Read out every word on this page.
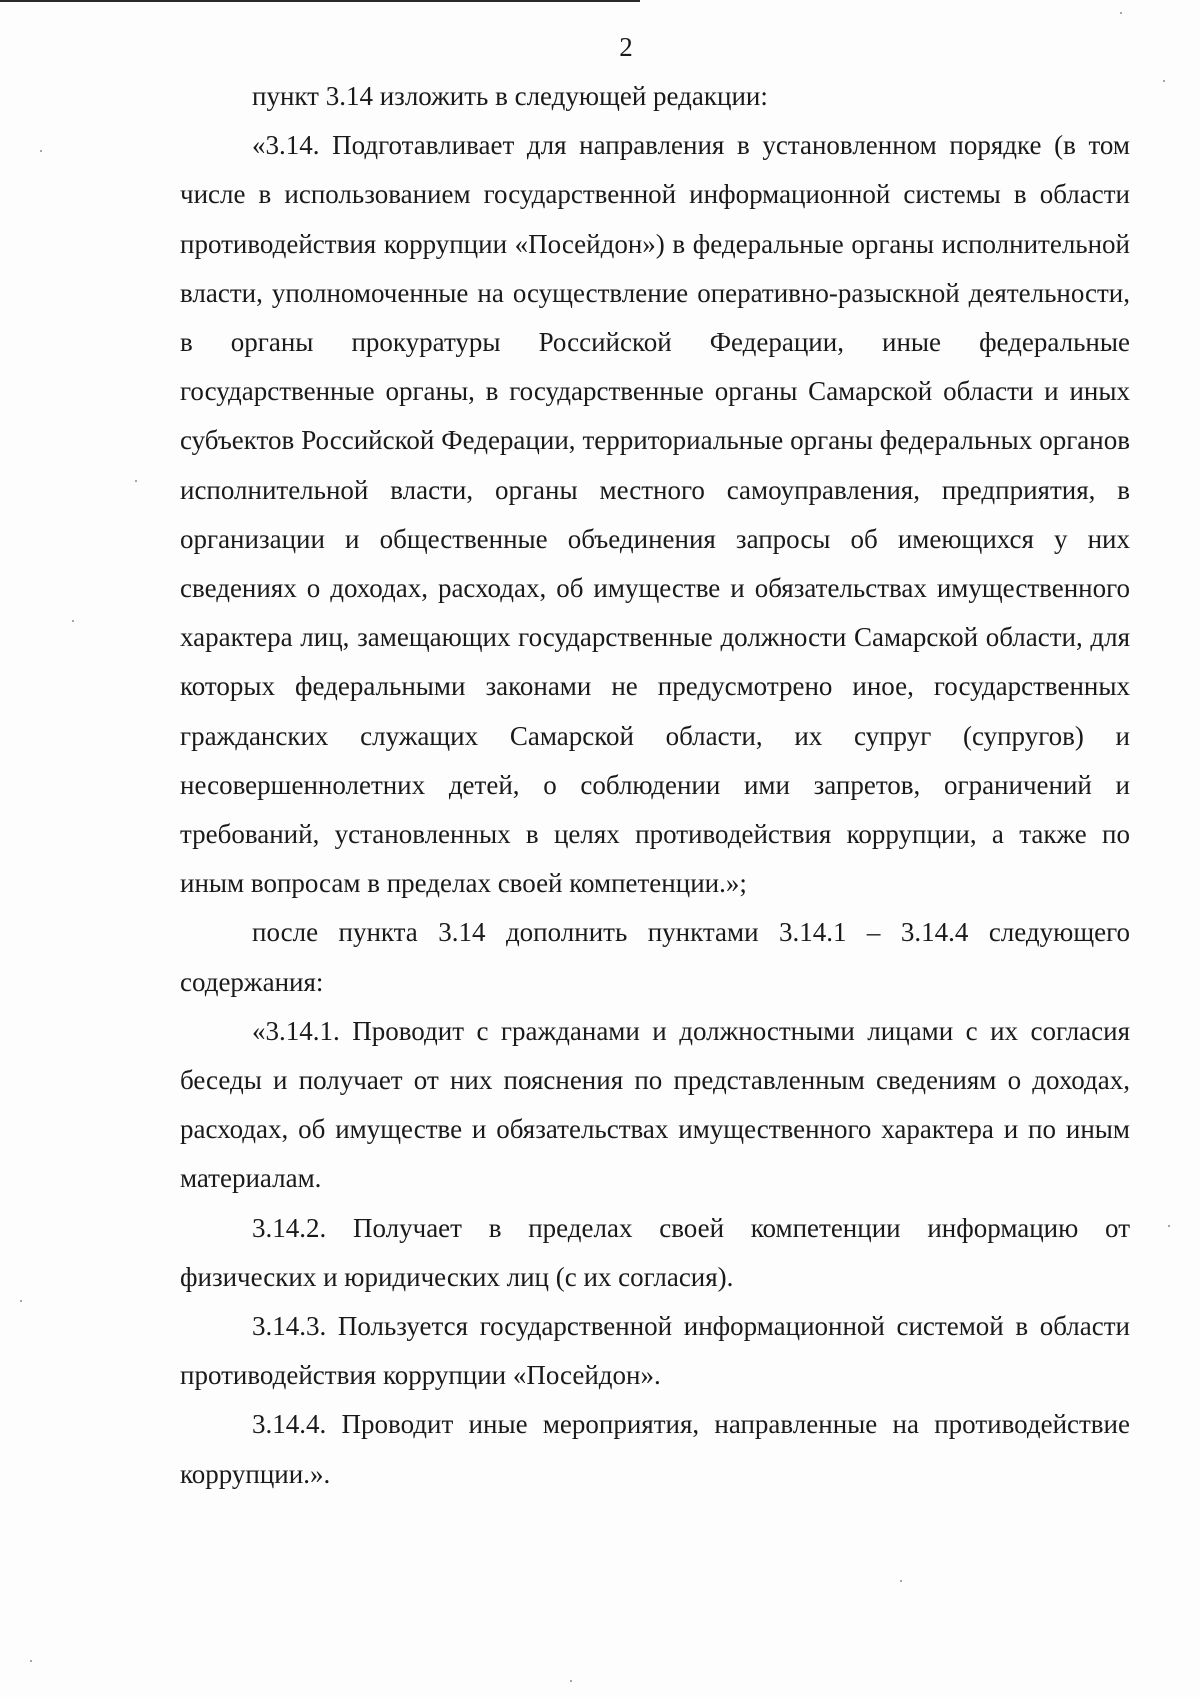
2

пункт 3.14 изложить в следующей редакции:

«3.14. Подготавливает для направления в установленном порядке (в том числе в использованием государственной информационной системы в области противодействия коррупции «Посейдон») в федеральные органы исполнительной власти, уполномоченные на осуществление оперативно-разыскной деятельности, в органы прокуратуры Российской Федерации, иные федеральные государственные органы, в государственные органы Самарской области и иных субъектов Российской Федерации, территориальные органы федеральных органов исполнительной власти, органы местного самоуправления, предприятия, в организации и общественные объединения запросы об имеющихся у них сведениях о доходах, расходах, об имуществе и обязательствах имущественного характера лиц, замещающих государственные должности Самарской области, для которых федеральными законами не предусмотрено иное, государственных гражданских служащих Самарской области, их супруг (супругов) и несовершеннолетних детей, о соблюдении ими запретов, ограничений и требований, установленных в целях противодействия коррупции, а также по иным вопросам в пределах своей компетенции.»;

после пункта 3.14 дополнить пунктами 3.14.1 – 3.14.4 следующего содержания:

«3.14.1. Проводит с гражданами и должностными лицами с их согласия беседы и получает от них пояснения по представленным сведениям о доходах, расходах, об имуществе и обязательствах имущественного характера и по иным материалам.

3.14.2. Получает в пределах своей компетенции информацию от физических и юридических лиц (с их согласия).

3.14.3. Пользуется государственной информационной системой в области противодействия коррупции «Посейдон».

3.14.4. Проводит иные мероприятия, направленные на противодействие коррупции.».
